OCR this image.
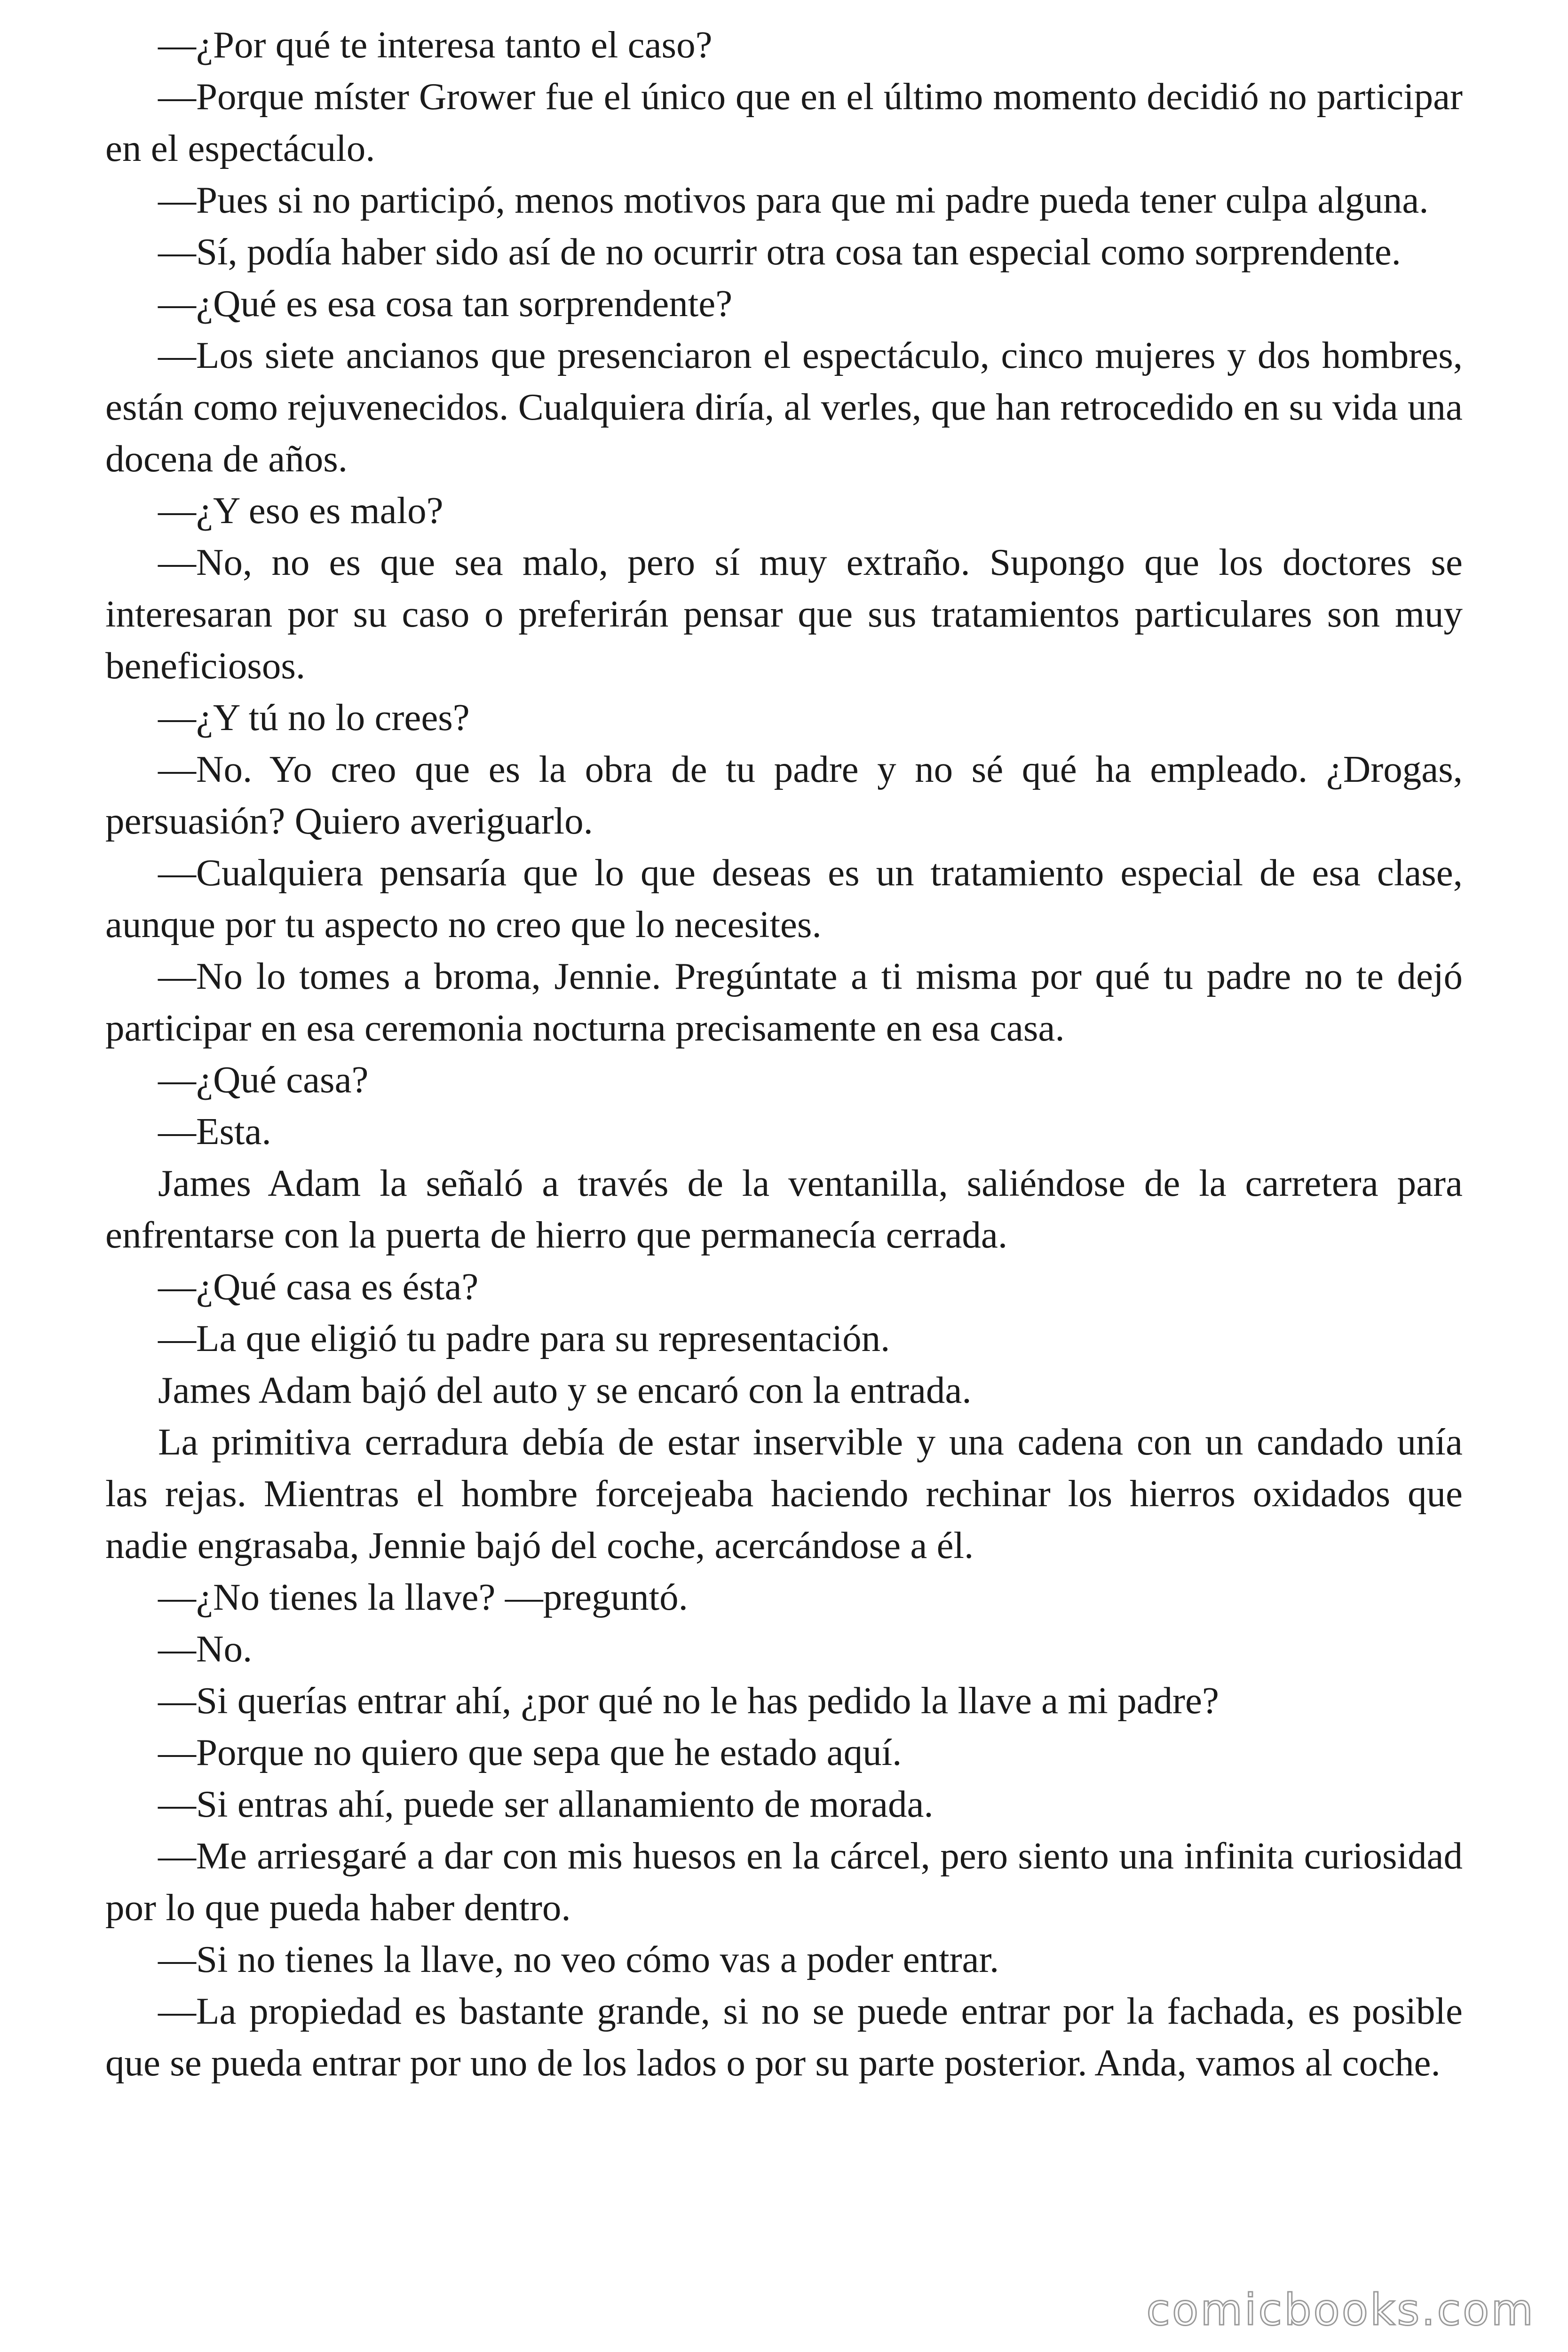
—¿Por qué te interesa tanto el caso?

—Porque míster Grower fue el único que en el último momento decidió no participar en el espectáculo.

—Pues si no participó, menos motivos para que mi padre pueda tener culpa alguna.

—Sí, podía haber sido así de no ocurrir otra cosa tan especial como sorprendente.

—¿Qué es esa cosa tan sorprendente?

—Los siete ancianos que presenciaron el espectáculo, cinco mujeres y dos hombres, están como rejuvenecidos. Cualquiera diría, al verles, que han retrocedido en su vida una docena de años.

—¿Y eso es malo?

—No, no es que sea malo, pero sí muy extraño. Supongo que los doctores se interesaran por su caso o preferirán pensar que sus tratamientos particulares son muy beneficiosos.

—¿Y tú no lo crees?

—No. Yo creo que es la obra de tu padre y no sé qué ha empleado. ¿Drogas, persuasión? Quiero averiguarlo.

—Cualquiera pensaría que lo que deseas es un tratamiento especial de esa clase, aunque por tu aspecto no creo que lo necesites.

—No lo tomes a broma, Jennie. Pregúntate a ti misma por qué tu padre no te dejó participar en esa ceremonia nocturna precisamente en esa casa.

—¿Qué casa?

—Esta.

James Adam la señaló a través de la ventanilla, saliéndose de la carretera para enfrentarse con la puerta de hierro que permanecía cerrada.

—¿Qué casa es ésta?

—La que eligió tu padre para su representación.

James Adam bajó del auto y se encaró con la entrada.

La primitiva cerradura debía de estar inservible y una cadena con un candado unía las rejas. Mientras el hombre forcejeaba haciendo rechinar los hierros oxidados que nadie engrasaba, Jennie bajó del coche, acercándose a él.

—¿No tienes la llave? —preguntó.

—No.

—Si querías entrar ahí, ¿por qué no le has pedido la llave a mi padre?

—Porque no quiero que sepa que he estado aquí.

—Si entras ahí, puede ser allanamiento de morada.

—Me arriesgaré a dar con mis huesos en la cárcel, pero siento una infinita curiosidad por lo que pueda haber dentro.

—Si no tienes la llave, no veo cómo vas a poder entrar.

—La propiedad es bastante grande, si no se puede entrar por la fachada, es posible que se pueda entrar por uno de los lados o por su parte posterior. Anda, vamos al coche.

comicbooks.com
